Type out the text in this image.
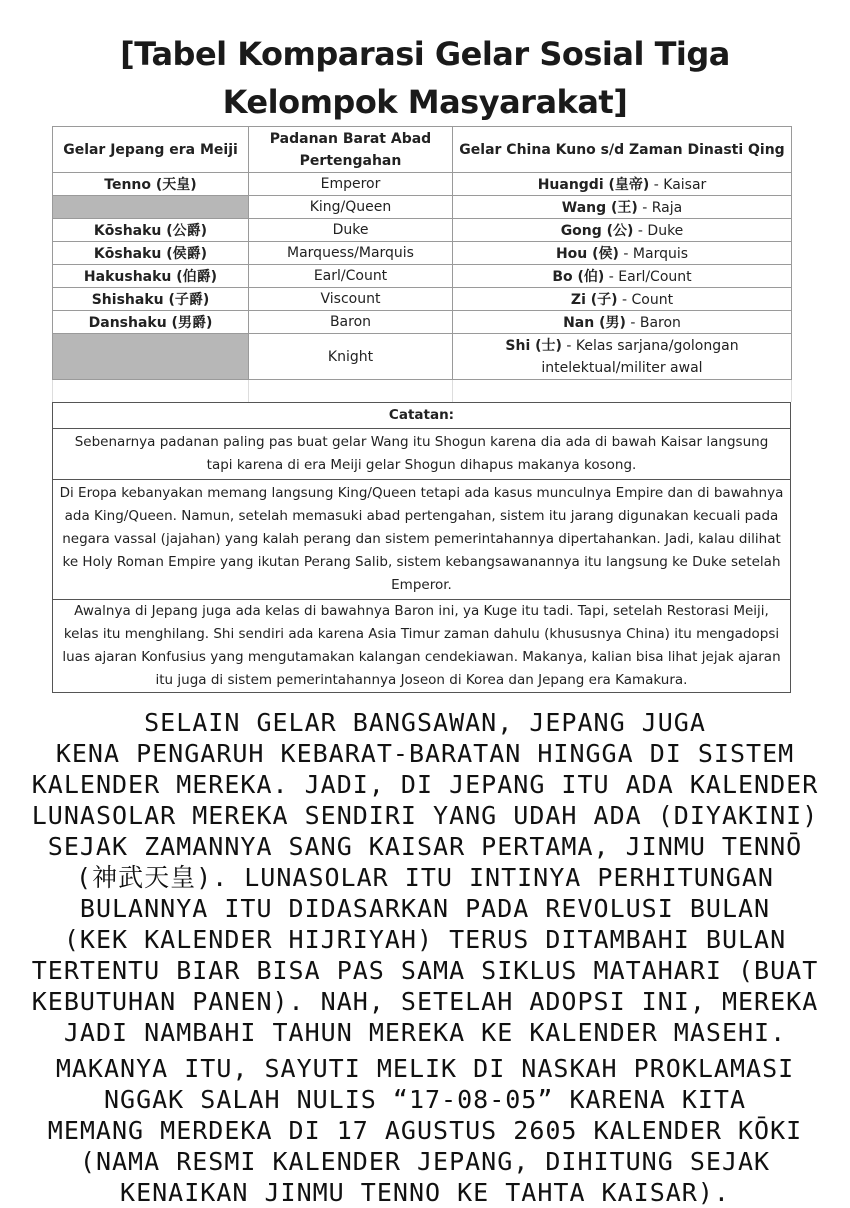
[Tabel Komparasi Gelar Sosial Tiga
Kelompok Masyarakat]
Gelar Jepang era Meiji	Padanan Barat Abad Pertengahan	Gelar China Kuno s/d Zaman Dinasti Qing
Tenno (天皇)	Emperor	Huangdi (皇帝) - Kaisar
	King/Queen	Wang (王) - Raja
Kōshaku (公爵)	Duke	Gong (公) - Duke
Kōshaku (侯爵)	Marquess/Marquis	Hou (侯) - Marquis
Hakushaku (伯爵)	Earl/Count	Bo (伯) - Earl/Count
Shishaku (子爵)	Viscount	Zi (子) - Count
Danshaku (男爵)	Baron	Nan (男) - Baron
	Knight	Shi (士) - Kelas sarjana/golongan intelektual/militer awal

Catatan:
Sebenarnya padanan paling pas buat gelar Wang itu Shogun karena dia ada di bawah Kaisar langsung tapi karena di era Meiji gelar Shogun dihapus makanya kosong.
Di Eropa kebanyakan memang langsung King/Queen tetapi ada kasus munculnya Empire dan di bawahnya ada King/Queen. Namun, setelah memasuki abad pertengahan, sistem itu jarang digunakan kecuali pada negara vassal (jajahan) yang kalah perang dan sistem pemerintahannya dipertahankan. Jadi, kalau dilihat ke Holy Roman Empire yang ikutan Perang Salib, sistem kebangsawanannya itu langsung ke Duke setelah Emperor.
Awalnya di Jepang juga ada kelas di bawahnya Baron ini, ya Kuge itu tadi. Tapi, setelah Restorasi Meiji, kelas itu menghilang. Shi sendiri ada karena Asia Timur zaman dahulu (khususnya China) itu mengadopsi luas ajaran Konfusius yang mengutamakan kalangan cendekiawan. Makanya, kalian bisa lihat jejak ajaran itu juga di sistem pemerintahannya Joseon di Korea dan Jepang era Kamakura.
SELAIN GELAR BANGSAWAN, JEPANG JUGA
KENA PENGARUH KEBARAT-BARATAN HINGGA DI SISTEM
KALENDER MEREKA. JADI, DI JEPANG ITU ADA KALENDER
LUNASOLAR MEREKA SENDIRI YANG UDAH ADA (DIYAKINI)
SEJAK ZAMANNYA SANG KAISAR PERTAMA, JINMU TENNŌ
(神武天皇). LUNASOLAR ITU INTINYA PERHITUNGAN
BULANNYA ITU DIDASARKAN PADA REVOLUSI BULAN
(KEK KALENDER HIJRIYAH) TERUS DITAMBAHI BULAN
TERTENTU BIAR BISA PAS SAMA SIKLUS MATAHARI (BUAT
KEBUTUHAN PANEN). NAH, SETELAH ADOPSI INI, MEREKA
JADI NAMBAHI TAHUN MEREKA KE KALENDER MASEHI.
MAKANYA ITU, SAYUTI MELIK DI NASKAH PROKLAMASI
NGGAK SALAH NULIS “17-08-05” KARENA KITA
MEMANG MERDEKA DI 17 AGUSTUS 2605 KALENDER KŌKI
(NAMA RESMI KALENDER JEPANG, DIHITUNG SEJAK
KENAIKAN JINMU TENNO KE TAHTA KAISAR).
